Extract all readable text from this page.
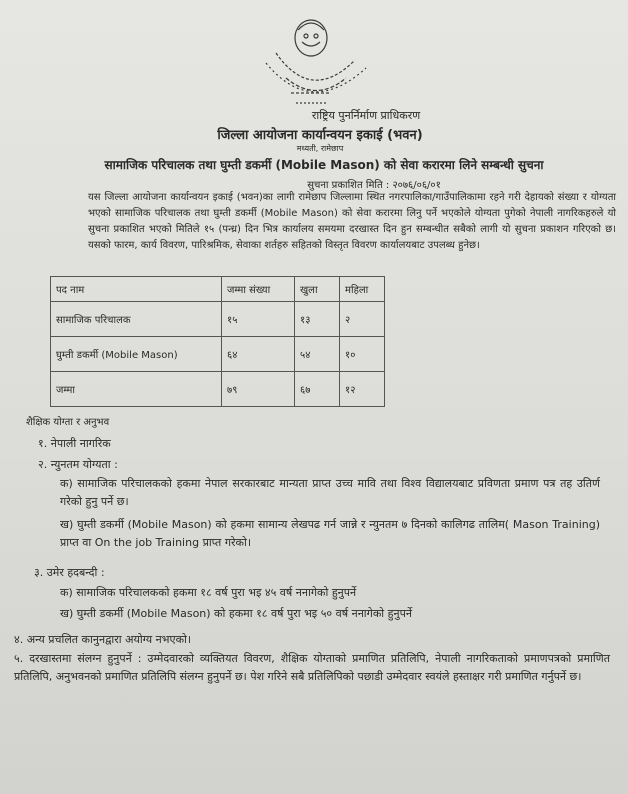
राष्ट्रिय पुनर्निर्माण प्राधिकरण
जिल्ला आयोजना कार्यान्वयन इकाई (भवन)
मध्यती, रामेछाप
सामाजिक परिचालक तथा घुम्ती डकर्मी (Mobile Mason) को सेवा करारमा लिने सम्बन्धी सुचना
सुचना प्रकाशित मिति : २०७६/०६/०१
यस जिल्ला आयोजना कार्यान्वयन इकाई (भवन)का लागी रामेछाप जिल्लामा स्थित नगरपालिका/गाउँपालिकामा रहने गरी देहायको संख्या र योग्यता भएको सामाजिक परिचालक तथा घुम्ती डकर्मी (Mobile Mason) को सेवा करारमा लिनु पर्ने भएकोले योग्यता पुगेको नेपाली नागरिकहरुले यो सुचना प्रकाशित भएको मितिले १५ (पन्ध्र) दिन भित्र कार्यालय समयमा दरखास्त दिन हुन सम्बन्धीत सबैको लागी यो सुचना प्रकाशन गरिएको छ। यसको फारम, कार्य विवरण, पारिश्रमिक, सेवाका शर्तहरु सहितको विस्तृत विवरण कार्यालयबाट उपलब्ध हुनेछ।
पद नाम	जम्मा संख्या	खुला	महिला
सामाजिक परिचालक	१५	१३	२
घुम्ती डकर्मी (Mobile Mason)	६४	५४	१०
जम्मा	७९	६७	१२
शैक्षिक योग्ता र अनुभव
१. नेपाली नागरिक
२. न्युनतम योग्यता :
क) सामाजिक परिचालकको हकमा नेपाल सरकारबाट मान्यता प्राप्त उच्च मावि तथा विश्व विद्यालयबाट प्रविणता प्रमाण पत्र तह उतिर्ण गरेको हुनु पर्ने छ।
ख) घुम्ती डकर्मी (Mobile Mason) को हकमा सामान्य लेखपढ गर्न जान्ने र न्युनतम ७ दिनको कालिगढ तालिम( Mason Training) प्राप्त वा On the job Training प्राप्त गरेको।
३. उमेर हदबन्दी :
क) सामाजिक परिचालकको हकमा १८ वर्ष पुरा भइ ४५ वर्ष ननागेको हुनुपर्ने
ख) घुम्ती डकर्मी (Mobile Mason) को हकमा १८ वर्ष पुरा भइ ५० वर्ष ननागेको हुनुपर्ने
४. अन्य प्रचलित कानुनद्वारा अयोग्य नभएको।
५. दरखास्तमा संलग्न हुनुपर्ने : उम्मेदवारको व्यक्तियत विवरण, शैक्षिक योग्ताको प्रमाणित प्रतिलिपि, नेपाली नागरिकताको प्रमाणपत्रको प्रमाणित प्रतिलिपि, अनुभवनको प्रमाणित प्रतिलिपि संलग्न हुनुपर्ने छ। पेश गरिने सबै प्रतिलिपिको पछाडी उम्मेदवार स्वयंले हस्ताक्षर गरी प्रमाणित गर्नुपर्ने छ।
